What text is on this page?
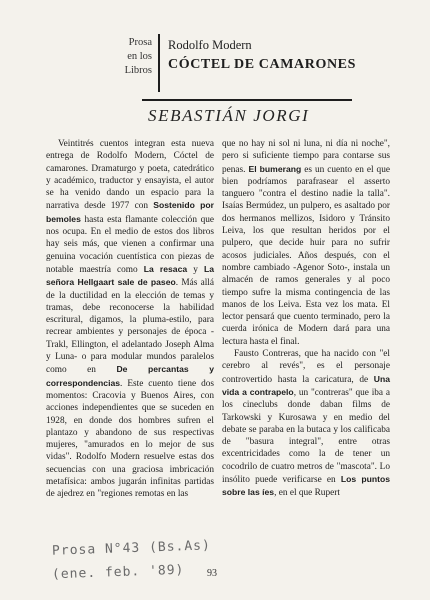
Prosa
en los
Libros
Rodolfo Modern
CÓCTEL DE CAMARONES
SEBASTIÁN JORGI

Veintitrés cuentos integran esta nueva entrega de Rodolfo Modern, Cóctel de camarones. Dramaturgo y poeta, catedrático y académico, traductor y ensayista, el autor se ha venido dando un espacio para la narrativa desde 1977 con Sostenido por bemoles hasta esta flamante colección que nos ocupa. En el medio de estos dos libros hay seis más, que vienen a confirmar una genuina vocación cuentística con piezas de notable maestría como La resaca y La señora Hellgaart sale de paseo. Más allá de la ductilidad en la elección de temas y tramas, debe reconocerse la habilidad escritural, digamos, la pluma-estilo, para recrear ambientes y personajes de época -Trakl, Ellington, el adelantado Joseph Alma y Luna- o para modular mundos paralelos como en De percantas y correspondencias. Este cuento tiene dos momentos: Cracovia y Buenos Aires, con acciones independientes que se suceden en 1928, en donde dos hombres sufren el plantazo y abandono de sus respectivas mujeres, "amurados en lo mejor de sus vidas". Rodolfo Modern resuelve estas dos secuencias con una graciosa imbricación metafísica: ambos jugarán infinitas partidas de ajedrez en "regiones remotas en las

que no hay ni sol ni luna, ni día ni noche", pero si suficiente tiempo para contarse sus penas. El bumerang es un cuento en el que bien podríamos parafrasear el asserto tanguero "contra el destino nadie la talla". Isaías Bermúdez, un pulpero, es asaltado por dos hermanos mellizos, Isidoro y Tránsito Leiva, los que resultan heridos por el pulpero, que decide huir para no sufrir acosos judiciales. Años después, con el nombre cambiado -Agenor Soto-, instala un almacén de ramos generales y al poco tiempo sufre la misma contingencia de las manos de los Leiva. Esta vez los mata. El lector pensará que cuento terminado, pero la cuerda irónica de Modern dará para una lectura hasta el final.

Fausto Contreras, que ha nacido con "el cerebro al revés", es el personaje controvertido hasta la caricatura, de Una vida a contrapelo, un "contreras" que iba a los cineclubs donde daban films de Tarkowski y Kurosawa y en medio del debate se paraba en la butaca y los calificaba de "basura integral", entre otras excentricidades como la de tener un cocodrilo de cuatro metros de "mascota". Lo insólito puede verificarse en Los puntos sobre las íes, en el que Rupert

Prosa N°43 (Bs.As)
(ene. feb. '89) 93
